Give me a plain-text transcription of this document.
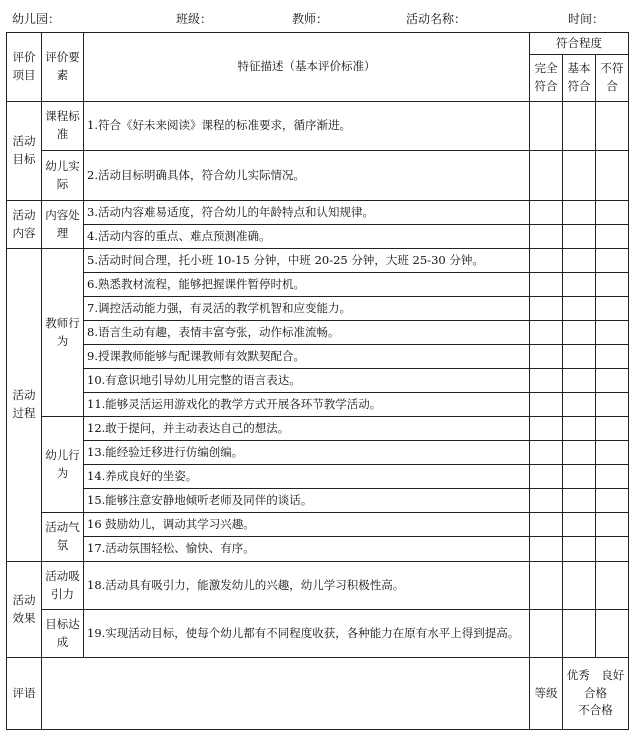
幼儿园：	班级：	教师：	活动名称：	时间：
评价项目	评价要素	特征描述（基本评价标准）	符合程度		
			完全符合	基本符合	不符合
活动目标	课程标准	1.符合《好未来阅读》课程的标准要求，循序渐进。			
	幼儿实际	2.活动目标明确具体，符合幼儿实际情况。			
活动内容	内容处理	3.活动内容难易适度，符合幼儿的年龄特点和认知规律。			
		4.活动内容的重点、难点预测准确。			
活动过程	教师行为	5.活动时间合理，托小班 10-15 分钟，中班 20-25 分钟，大班 25-30 分钟。			
		6.熟悉教材流程，能够把握课件暂停时机。			
		7.调控活动能力强，有灵活的教学机智和应变能力。			
		8.语言生动有趣，表情丰富夸张，动作标准流畅。			
		9.授课教师能够与配课教师有效默契配合。			
		10.有意识地引导幼儿用完整的语言表达。			
		11.能够灵活运用游戏化的教学方式开展各环节教学活动。			
	幼儿行为	12.敢于提问，并主动表达自己的想法。			
		13.能经验迁移进行仿编创编。			
		14.养成良好的坐姿。			
		15.能够注意安静地倾听老师及同伴的谈话。			
	活动气氛	16 鼓励幼儿，调动其学习兴趣。			
		17.活动氛围轻松、愉快、有序。			
活动效果	活动吸引力	18.活动具有吸引力，能激发幼儿的兴趣，幼儿学习积极性高。			
	目标达成	19.实现活动目标，使每个幼儿都有不同程度收获，各种能力在原有水平上得到提高。			
评语			等级	优秀　良好
合格
不合格	
